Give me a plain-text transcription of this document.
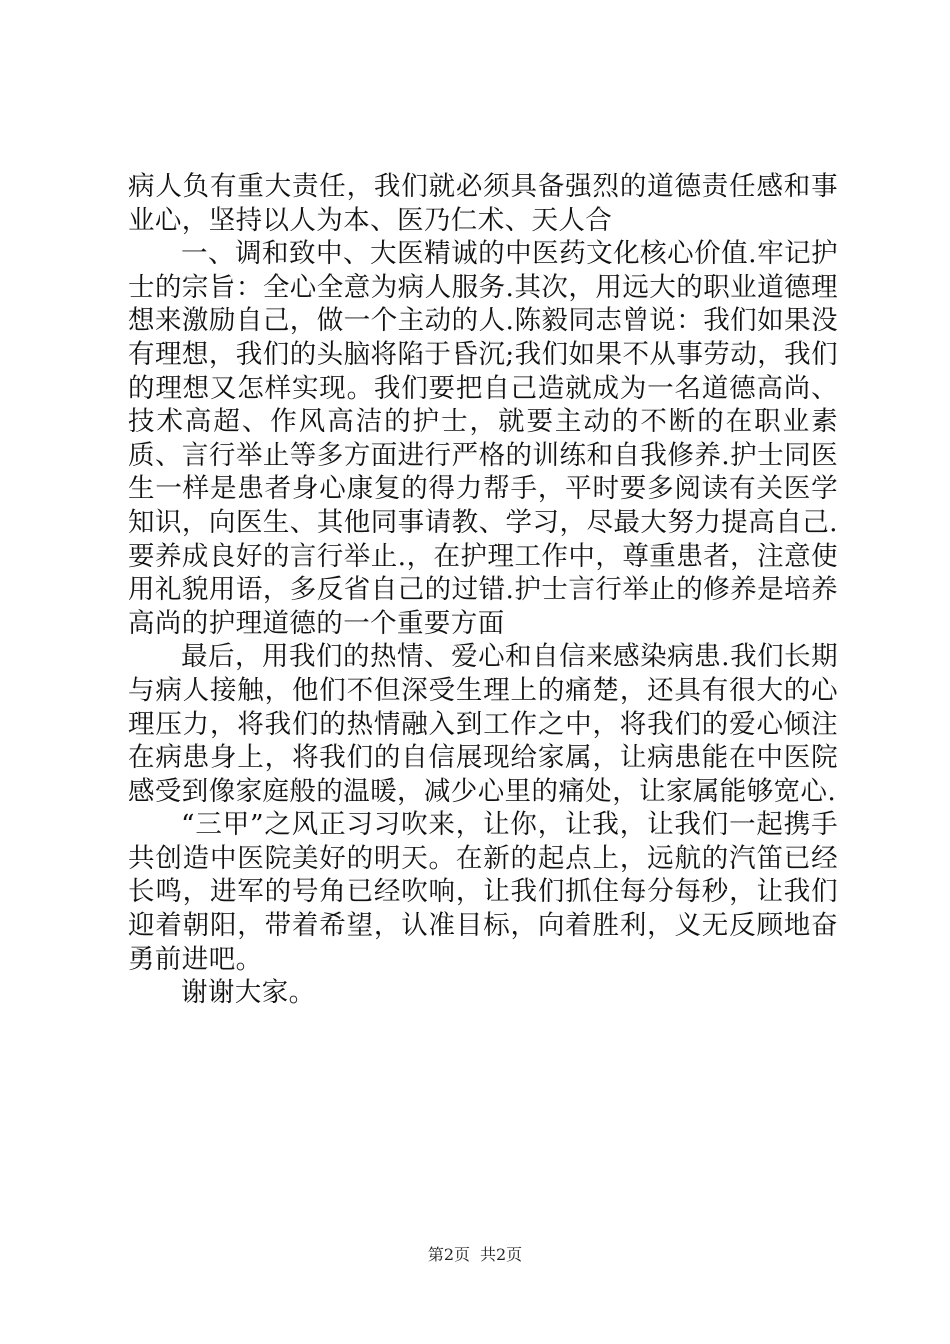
病人负有重大责任，我们就必须具备强烈的道德责任感和事业心，坚持以人为本、医乃仁术、天人合

一、调和致中、大医精诚的中医药文化核心价值.牢记护士的宗旨：全心全意为病人服务.其次，用远大的职业道德理想来激励自己，做一个主动的人.陈毅同志曾说：我们如果没有理想，我们的头脑将陷于昏沉;我们如果不从事劳动，我们的理想又怎样实现。我们要把自己造就成为一名道德高尚、技术高超、作风高洁的护士，就要主动的不断的在职业素质、言行举止等多方面进行严格的训练和自我修养.护士同医生一样是患者身心康复的得力帮手，平时要多阅读有关医学知识，向医生、其他同事请教、学习，尽最大努力提高自己.要养成良好的言行举止.，在护理工作中，尊重患者，注意使用礼貌用语，多反省自己的过错.护士言行举止的修养是培养高尚的护理道德的一个重要方面

最后，用我们的热情、爱心和自信来感染病患.我们长期与病人接触，他们不但深受生理上的痛楚，还具有很大的心理压力，将我们的热情融入到工作之中，将我们的爱心倾注在病患身上，将我们的自信展现给家属，让病患能在中医院感受到像家庭般的温暖，减少心里的痛处，让家属能够宽心.

“三甲”之风正习习吹来，让你，让我，让我们一起携手共创造中医院美好的明天。在新的起点上，远航的汽笛已经长鸣，进军的号角已经吹响，让我们抓住每分每秒，让我们迎着朝阳，带着希望，认准目标，向着胜利，义无反顾地奋勇前进吧。

谢谢大家。

第2页 共2页
